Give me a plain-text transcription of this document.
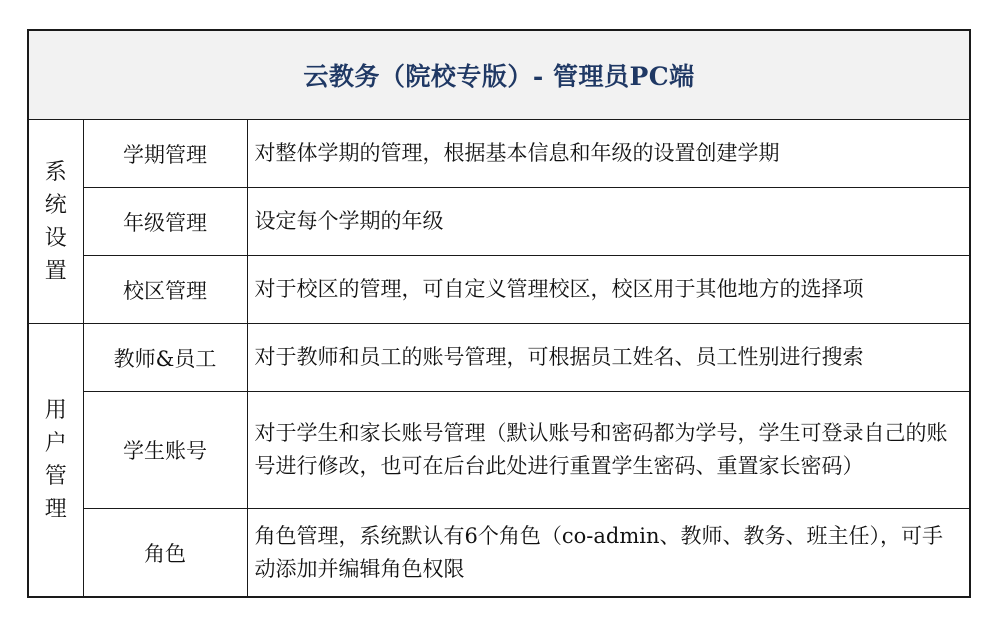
云教务（院校专版）- 管理员PC端		

系
统
设
置	学期管理	对整体学期的管理，根据基本信息和年级的设置创建学期
	年级管理	设定每个学期的年级
	校区管理	对于校区的管理，可自定义管理校区，校区用于其他地方的选择项

用
户
管
理	教师&员工	对于教师和员工的账号管理，可根据员工姓名、员工性别进行搜索
	学生账号	对于学生和家长账号管理（默认账号和密码都为学号，学生可登录自己的账号进行修改，也可在后台此处进行重置学生密码、重置家长密码）
	角色	角色管理，系统默认有6个角色（co-admin、教师、教务、班主任），可手动添加并编辑角色权限
